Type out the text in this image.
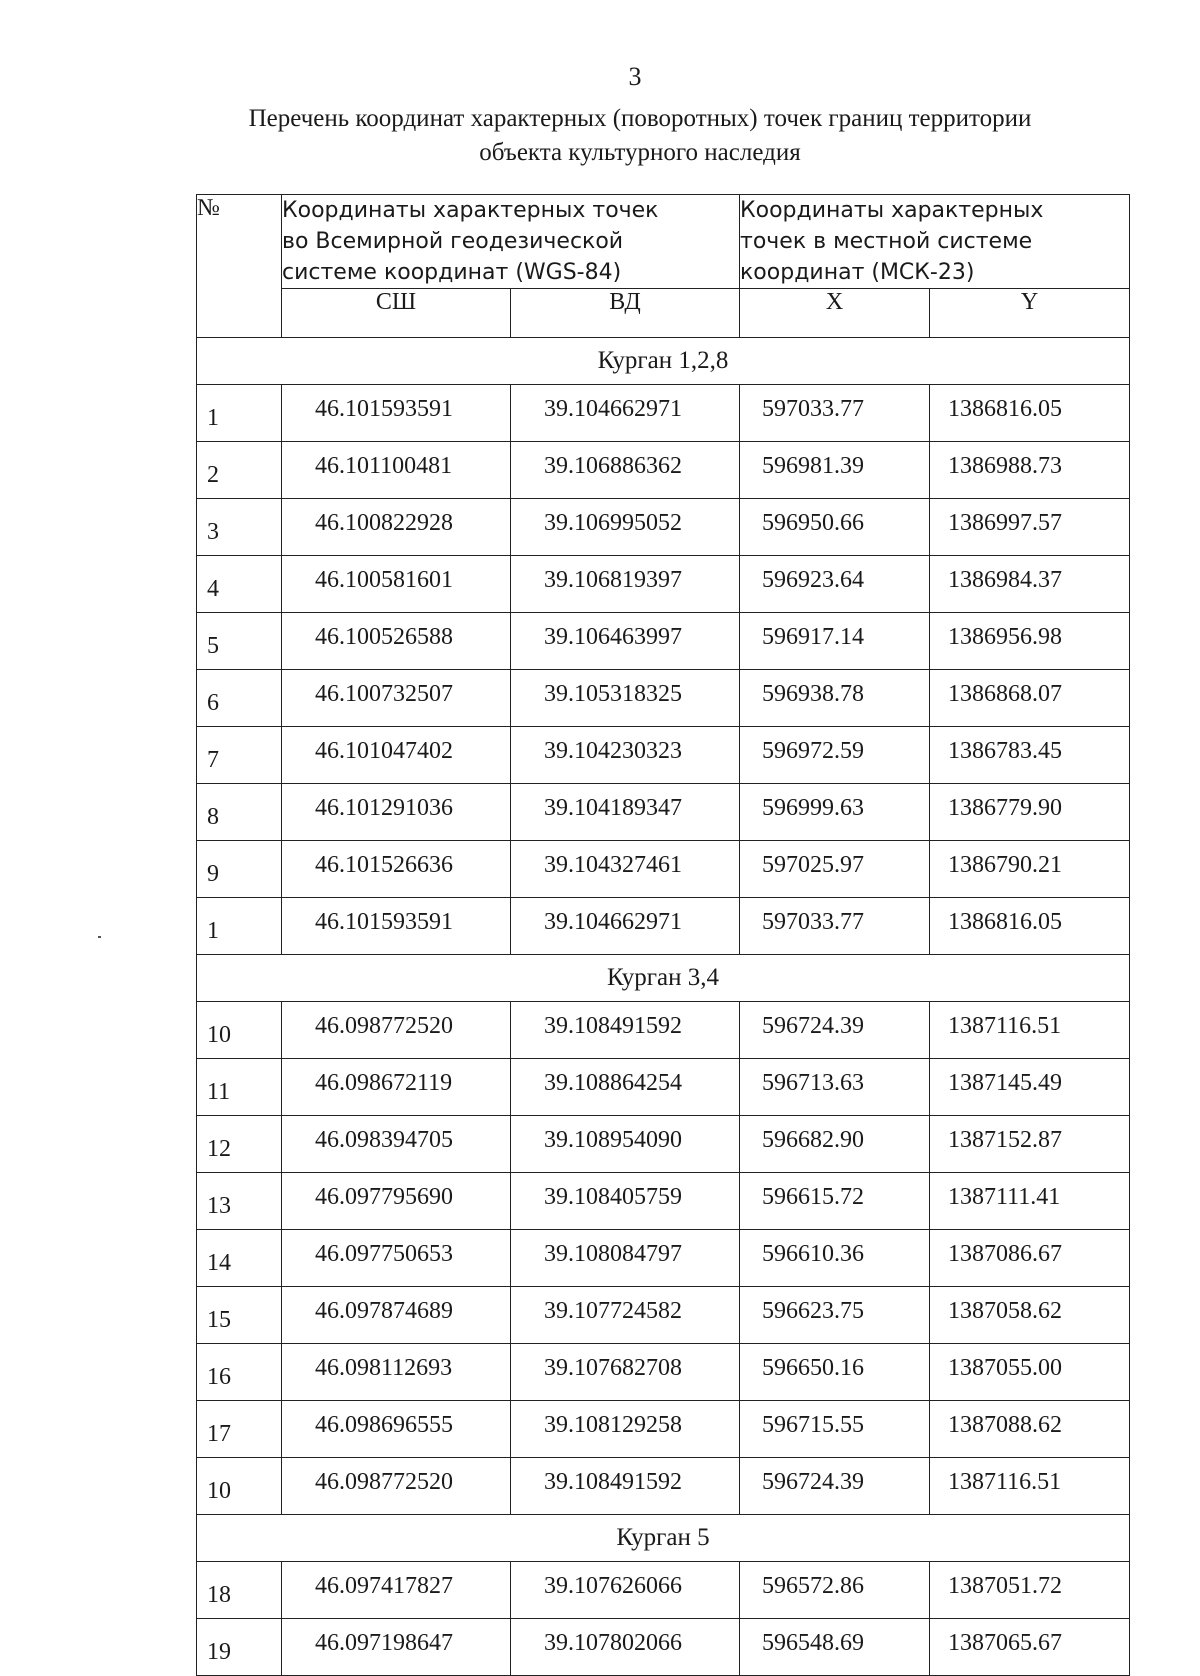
3
Перечень координат характерных (поворотных) точек границ территории
объекта культурного наследия
№	Координаты характерных точек
во Всемирной геодезической
системе координат (WGS-84)		Координаты характерных
точек в местной системе
координат (МСК-23)	

	СШ	ВД	X	Y
Курган 1,2,8				
1	46.101593591	39.104662971	597033.77	1386816.05
2	46.101100481	39.106886362	596981.39	1386988.73
3	46.100822928	39.106995052	596950.66	1386997.57
4	46.100581601	39.106819397	596923.64	1386984.37
5	46.100526588	39.106463997	596917.14	1386956.98
6	46.100732507	39.105318325	596938.78	1386868.07
7	46.101047402	39.104230323	596972.59	1386783.45
8	46.101291036	39.104189347	596999.63	1386779.90
9	46.101526636	39.104327461	597025.97	1386790.21
1	46.101593591	39.104662971	597033.77	1386816.05
Курган 3,4				
10	46.098772520	39.108491592	596724.39	1387116.51
11	46.098672119	39.108864254	596713.63	1387145.49
12	46.098394705	39.108954090	596682.90	1387152.87
13	46.097795690	39.108405759	596615.72	1387111.41
14	46.097750653	39.108084797	596610.36	1387086.67
15	46.097874689	39.107724582	596623.75	1387058.62
16	46.098112693	39.107682708	596650.16	1387055.00
17	46.098696555	39.108129258	596715.55	1387088.62
10	46.098772520	39.108491592	596724.39	1387116.51
Курган 5				
18	46.097417827	39.107626066	596572.86	1387051.72
19	46.097198647	39.107802066	596548.69	1387065.67
